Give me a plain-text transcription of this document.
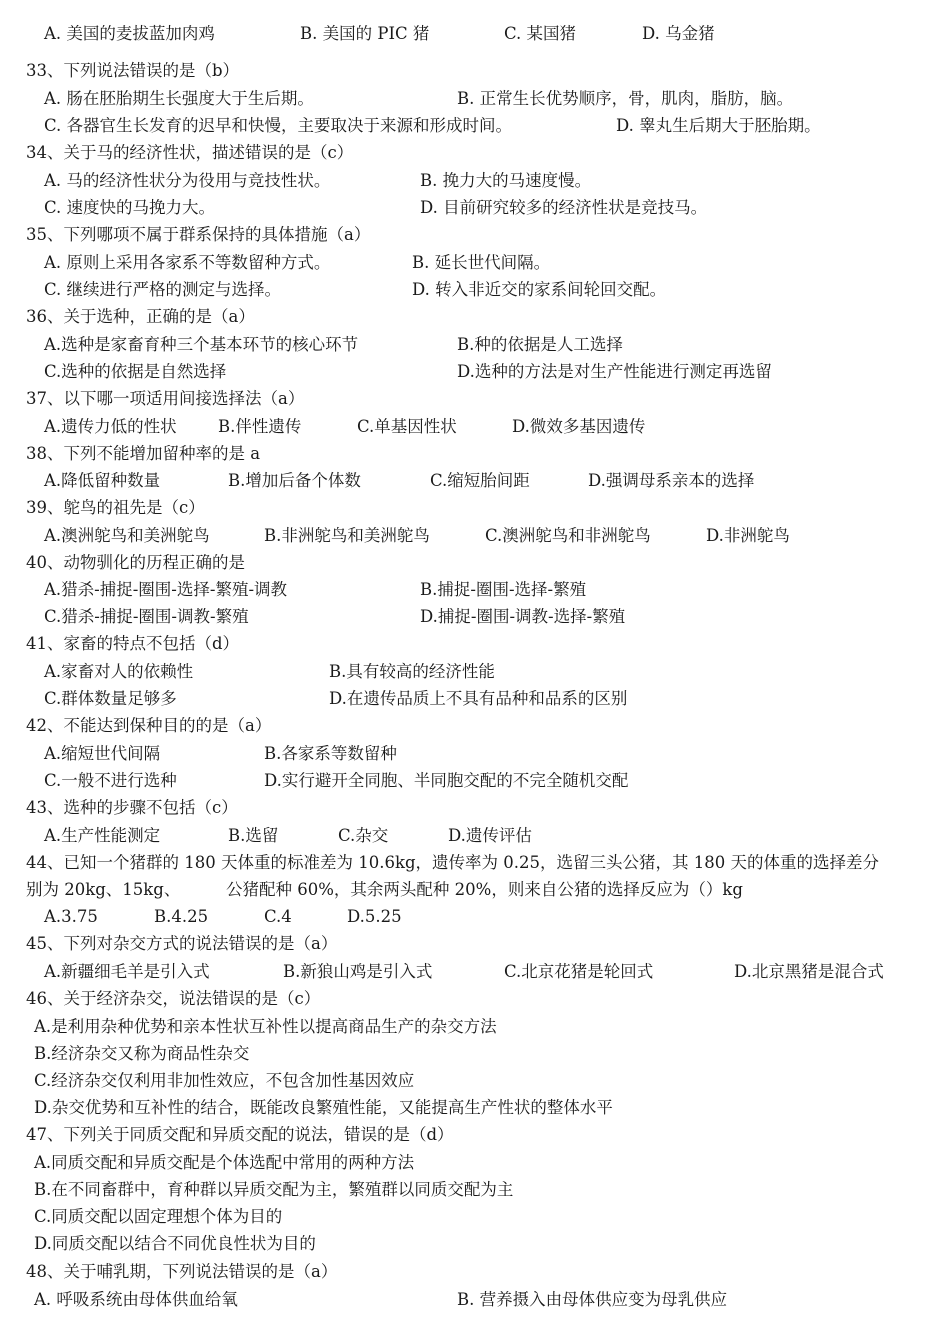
A. 美国的麦拔蓝加肉鸡	B. 美国的 PIC 猪	C. 某国猪	D. 乌金猪
33、下列说法错误的是（b）
A. 肠在胚胎期生长强度大于生后期。	B. 正常生长优势顺序，骨，肌肉，脂肪，脑。
C. 各器官生长发育的迟早和快慢，主要取决于来源和形成时间。	D. 睾丸生后期大于胚胎期。
34、关于马的经济性状，描述错误的是（c）
A. 马的经济性状分为役用与竞技性状。	B. 挽力大的马速度慢。
C. 速度快的马挽力大。	D. 目前研究较多的经济性状是竞技马。
35、下列哪项不属于群系保持的具体措施（a）
A. 原则上采用各家系不等数留种方式。	B. 延长世代间隔。
C. 继续进行严格的测定与选择。	D. 转入非近交的家系间轮回交配。
36、关于选种，正确的是（a）
A.选种是家畜育种三个基本环节的核心环节	B.种的依据是人工选择
C.选种的依据是自然选择	D.选种的方法是对生产性能进行测定再选留
37、以下哪一项适用间接选择法（a）
A.遗传力低的性状	B.伴性遗传	C.单基因性状	D.微效多基因遗传
38、下列不能增加留种率的是 a
A.降低留种数量	B.增加后备个体数	C.缩短胎间距	D.强调母系亲本的选择
39、鸵鸟的祖先是（c）
A.澳洲鸵鸟和美洲鸵鸟	B.非洲鸵鸟和美洲鸵鸟	C.澳洲鸵鸟和非洲鸵鸟	D.非洲鸵鸟
40、动物驯化的历程正确的是
A.猎杀-捕捉-圈围-选择-繁殖-调教	B.捕捉-圈围-选择-繁殖
C.猎杀-捕捉-圈围-调教-繁殖	D.捕捉-圈围-调教-选择-繁殖
41、家畜的特点不包括（d）
A.家畜对人的依赖性	B.具有较高的经济性能
C.群体数量足够多	D.在遗传品质上不具有品种和品系的区别
42、不能达到保种目的的是（a）
A.缩短世代间隔	B.各家系等数留种
C.一般不进行选种	D.实行避开全同胞、半同胞交配的不完全随机交配
43、选种的步骤不包括（c）
A.生产性能测定	B.选留	C.杂交	D.遗传评估
44、已知一个猪群的 180 天体重的标准差为 10.6kg，遗传率为 0.25，选留三头公猪，其 180 天的体重的选择差分
别为 20kg、15kg、	公猪配种 60%，其余两头配种 20%，则来自公猪的选择反应为（）kg
A.3.75	B.4.25	C.4	D.5.25
45、下列对杂交方式的说法错误的是（a）
A.新疆细毛羊是引入式	B.新狼山鸡是引入式	C.北京花猪是轮回式	D.北京黑猪是混合式
46、关于经济杂交，说法错误的是（c）
A.是利用杂种优势和亲本性状互补性以提高商品生产的杂交方法
B.经济杂交又称为商品性杂交
C.经济杂交仅利用非加性效应，不包含加性基因效应
D.杂交优势和互补性的结合，既能改良繁殖性能，又能提高生产性状的整体水平
47、下列关于同质交配和异质交配的说法，错误的是（d）
A.同质交配和异质交配是个体选配中常用的两种方法
B.在不同畜群中，育种群以异质交配为主，繁殖群以同质交配为主
C.同质交配以固定理想个体为目的
D.同质交配以结合不同优良性状为目的
48、关于哺乳期，下列说法错误的是（a）
A. 呼吸系统由母体供血给氧	B. 营养摄入由母体供应变为母乳供应
